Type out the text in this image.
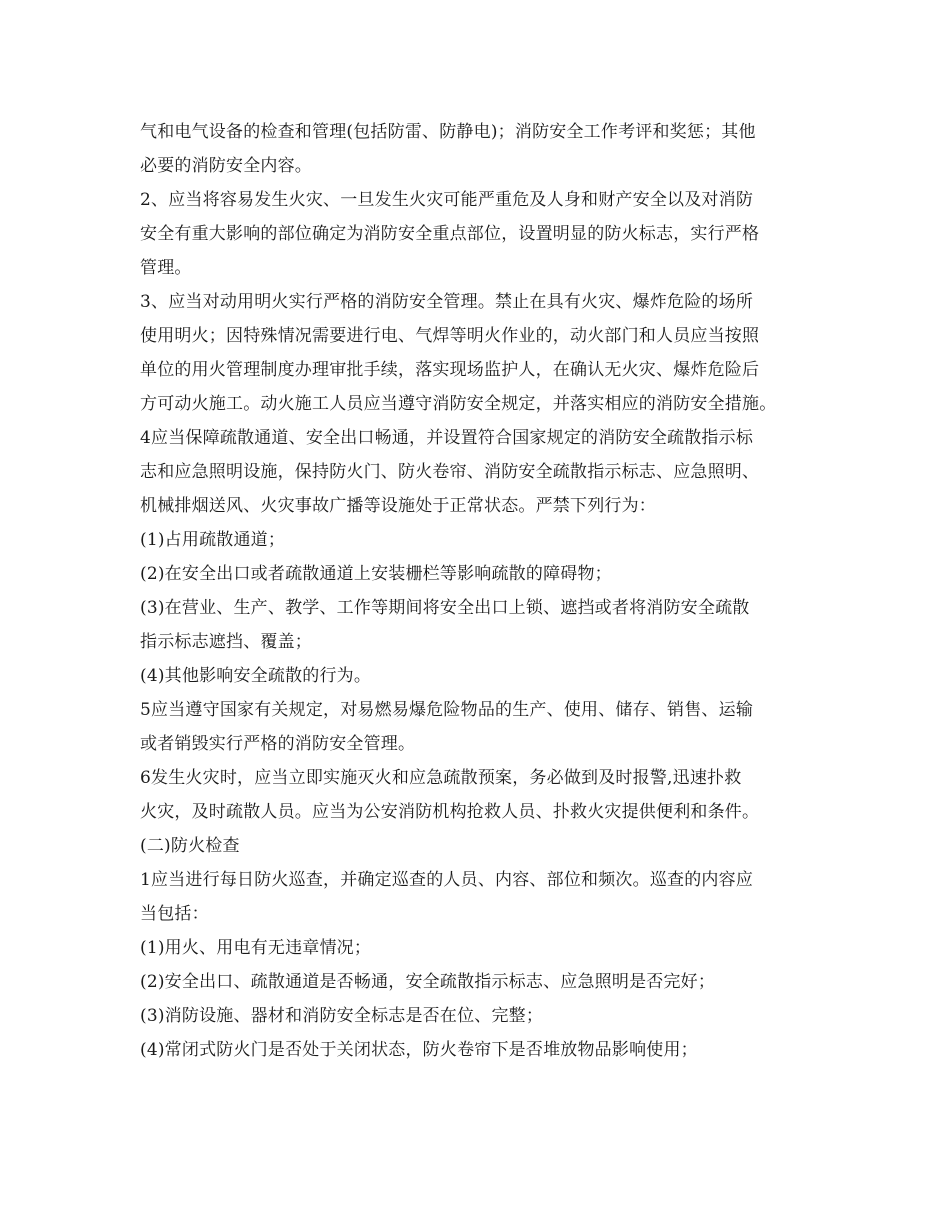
气和电气设备的检查和管理(包括防雷、防静电)；消防安全工作考评和奖惩；其他
必要的消防安全内容。
2、应当将容易发生火灾、一旦发生火灾可能严重危及人身和财产安全以及对消防
安全有重大影响的部位确定为消防安全重点部位，设置明显的防火标志，实行严格
管理。
3、应当对动用明火实行严格的消防安全管理。禁止在具有火灾、爆炸危险的场所
使用明火；因特殊情况需要进行电、气焊等明火作业的，动火部门和人员应当按照
单位的用火管理制度办理审批手续，落实现场监护人，在确认无火灾、爆炸危险后
方可动火施工。动火施工人员应当遵守消防安全规定，并落实相应的消防安全措施。
4应当保障疏散通道、安全出口畅通，并设置符合国家规定的消防安全疏散指示标
志和应急照明设施，保持防火门、防火卷帘、消防安全疏散指示标志、应急照明、
机械排烟送风、火灾事故广播等设施处于正常状态。严禁下列行为：
(1)占用疏散通道；
(2)在安全出口或者疏散通道上安装栅栏等影响疏散的障碍物；
(3)在营业、生产、教学、工作等期间将安全出口上锁、遮挡或者将消防安全疏散
指示标志遮挡、覆盖；
(4)其他影响安全疏散的行为。
5应当遵守国家有关规定，对易燃易爆危险物品的生产、使用、储存、销售、运输
或者销毁实行严格的消防安全管理。
6发生火灾时，应当立即实施灭火和应急疏散预案，务必做到及时报警,迅速扑救
火灾，及时疏散人员。应当为公安消防机构抢救人员、扑救火灾提供便利和条件。
(二)防火检查
1应当进行每日防火巡查，并确定巡查的人员、内容、部位和频次。巡查的内容应
当包括：
(1)用火、用电有无违章情况；
(2)安全出口、疏散通道是否畅通，安全疏散指示标志、应急照明是否完好；
(3)消防设施、器材和消防安全标志是否在位、完整；
(4)常闭式防火门是否处于关闭状态，防火卷帘下是否堆放物品影响使用；
